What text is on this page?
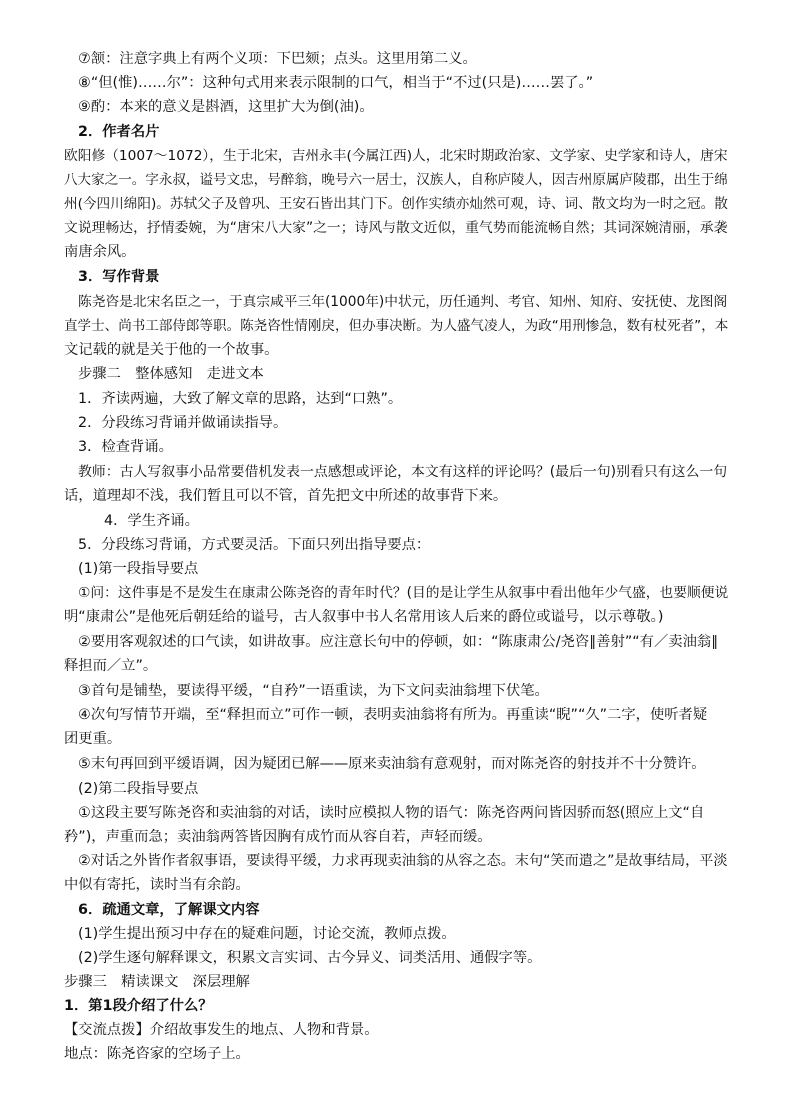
⑦颔：注意字典上有两个义项：下巴颏；点头。这里用第二义。
⑧“但(惟)……尔”：这种句式用来表示限制的口气，相当于“不过(只是)……罢了。”
⑨酌：本来的意义是斟酒，这里扩大为倒(油)。
2．作者名片
欧阳修（1007～1072），生于北宋，吉州永丰(今属江西)人，北宋时期政治家、文学家、史学家和诗人，唐宋
八大家之一。字永叔，谥号文忠，号醉翁，晚号六一居士，汉族人，自称庐陵人，因吉州原属庐陵郡，出生于绵
州(今四川绵阳)。苏轼父子及曾巩、王安石皆出其门下。创作实绩亦灿然可观，诗、词、散文均为一时之冠。散
文说理畅达，抒情委婉，为“唐宋八大家”之一；诗风与散文近似，重气势而能流畅自然；其词深婉清丽，承袭
南唐余风。
3．写作背景
陈尧咨是北宋名臣之一，于真宗咸平三年(1000年)中状元，历任通判、考官、知州、知府、安抚使、龙图阁
直学士、尚书工部侍郎等职。陈尧咨性情刚戾，但办事决断。为人盛气凌人，为政“用刑惨急，数有杖死者”，本
文记载的就是关于他的一个故事。
步骤二　整体感知　走进文本
1．齐读两遍，大致了解文章的思路，达到“口熟”。
2．分段练习背诵并做诵读指导。
3．检查背诵。
教师：古人写叙事小品常要借机发表一点感想或评论，本文有这样的评论吗？(最后一句)别看只有这么一句
话，道理却不浅，我们暂且可以不管，首先把文中所述的故事背下来。
4．学生齐诵。
5．分段练习背诵，方式要灵活。下面只列出指导要点：
(1)第一段指导要点
①问：这件事是不是发生在康肃公陈尧咨的青年时代？(目的是让学生从叙事中看出他年少气盛，也要顺便说
明“康肃公”是他死后朝廷给的谥号，古人叙事中书人名常用该人后来的爵位或谥号，以示尊敬。)
②要用客观叙述的口气读，如讲故事。应注意长句中的停顿，如：“陈康肃公/尧咨∥善射”“有／卖油翁∥
释担而／立”。
③首句是铺垫，要读得平缓，“自矜”一语重读，为下文问卖油翁埋下伏笔。
④次句写情节开端，至“释担而立”可作一顿，表明卖油翁将有所为。再重读“睨”“久”二字，使听者疑
团更重。
⑤末句再回到平缓语调，因为疑团已解——原来卖油翁有意观射，而对陈尧咨的射技并不十分赞许。
(2)第二段指导要点
①这段主要写陈尧咨和卖油翁的对话，读时应模拟人物的语气：陈尧咨两问皆因骄而怒(照应上文“自
矜”)，声重而急；卖油翁两答皆因胸有成竹而从容自若，声轻而缓。
②对话之外皆作者叙事语，要读得平缓，力求再现卖油翁的从容之态。末句“笑而遣之”是故事结局，平淡
中似有寄托，读时当有余韵。
6．疏通文章，了解课文内容
(1)学生提出预习中存在的疑难问题，讨论交流，教师点拨。
(2)学生逐句解释课文，积累文言实词、古今异义、词类活用、通假字等。
步骤三　精读课文　深层理解
1．第1段介绍了什么？
【交流点拨】介绍故事发生的地点、人物和背景。
地点：陈尧咨家的空场子上。
